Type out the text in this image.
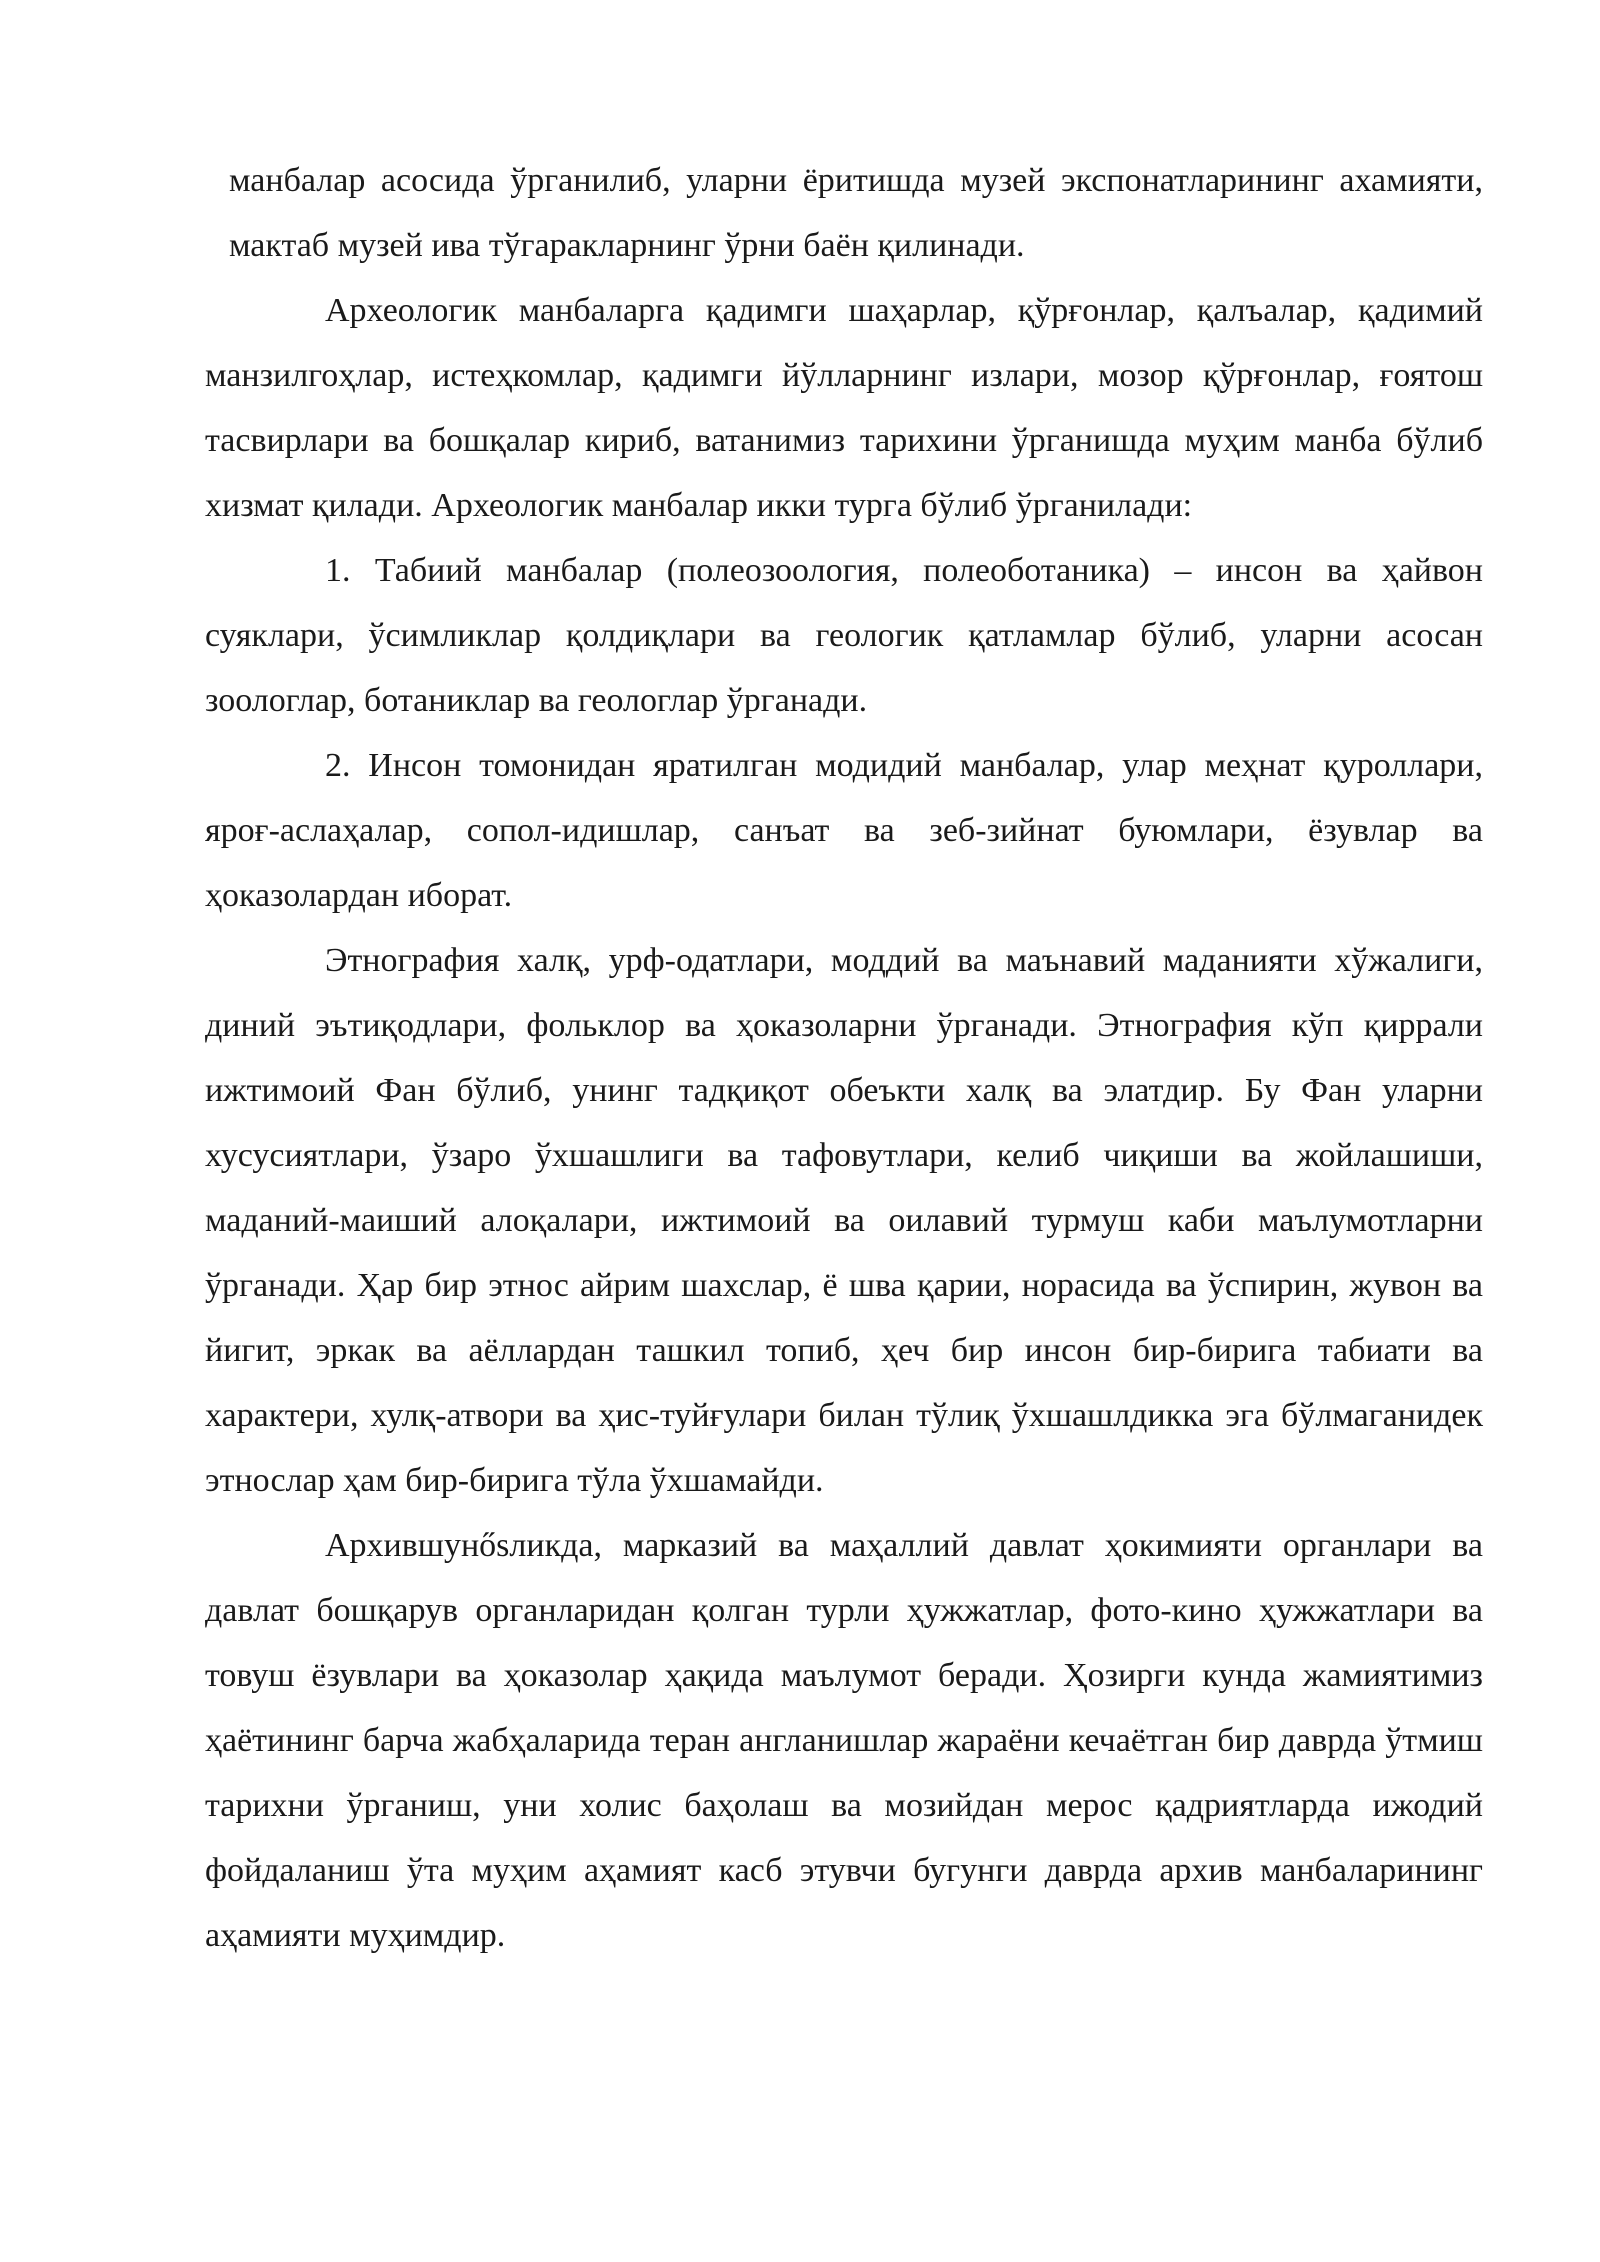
манбалар асосида ўрганилиб, уларни ёритишда музей экспонатларининг ахамияти, мактаб музей ива тўгаракларнинг ўрни баён қилинади.

Археологик манбаларга қадимги шаҳарлар, қўрғонлар, қалъалар, қадимий манзилгоҳлар, истеҳкомлар, қадимги йўлларнинг излари, мозор қўрғонлар, ғоятош тасвирлари ва бошқалар кириб, ватанимиз тарихини ўрганишда муҳим манба бўлиб хизмат қилади. Археологик манбалар икки турга бўлиб ўрганилади:

1. Табиий манбалар (полеозоология, полеоботаника) – инсон ва ҳайвон суяклари, ўсимликлар қолдиқлари ва геологик қатламлар бўлиб, уларни асосан зоологлар, ботаниклар ва геологлар ўрганади.

2. Инсон томонидан яратилган модидий манбалар, улар меҳнат қуроллари, яроғ-аслаҳалар, сопол-идишлар, санъат ва зеб-зийнат буюмлари, ёзувлар ва ҳоказолардан иборат.

Этнография халқ, урф-одатлари, моддий ва маънавий маданияти хўжалиги, диний эътиқодлари, фольклор ва ҳоказоларни ўрганади. Этнография кўп қиррали ижтимоий Фан бўлиб, унинг тадқиқот обеъкти халқ ва элатдир. Бу Фан уларни хусусиятлари, ўзаро ўхшашлиги ва тафовутлари, келиб чиқиши ва жойлашиши, маданий-маиший алоқалари, ижтимоий ва оилавий турмуш каби маълумотларни ўрганади. Ҳар бир этнос айрим шахслар, ё шва қарии, норасида ва ўспирин, жувон ва йигит, эркак ва аёллардан ташкил топиб, ҳеч бир инсон бир-бирига табиати ва характери, хулқ-атвори ва ҳис-туйғулари билан тўлиқ ўхшашлдикка эга бўлмаганидек этнослар ҳам бир-бирига тўла ўхшамайди.

Архившунősликда, марказий ва маҳаллий давлат ҳокимияти органлари ва давлат бошқарув органларидан қолган турли ҳужжатлар, фото-кино ҳужжатлари ва товуш ёзувлари ва ҳоказолар ҳақида маълумот беради. Ҳозирги кунда жамиятимиз ҳаётининг барча жабҳаларида теран англанишлар жараёни кечаётган бир даврда ўтмиш тарихни ўрганиш, уни холис баҳолаш ва мозийдан мерос қадриятларда ижодий фойдаланиш ўта муҳим аҳамият касб этувчи бугунги даврда архив манбаларининг аҳамияти муҳимдир.
